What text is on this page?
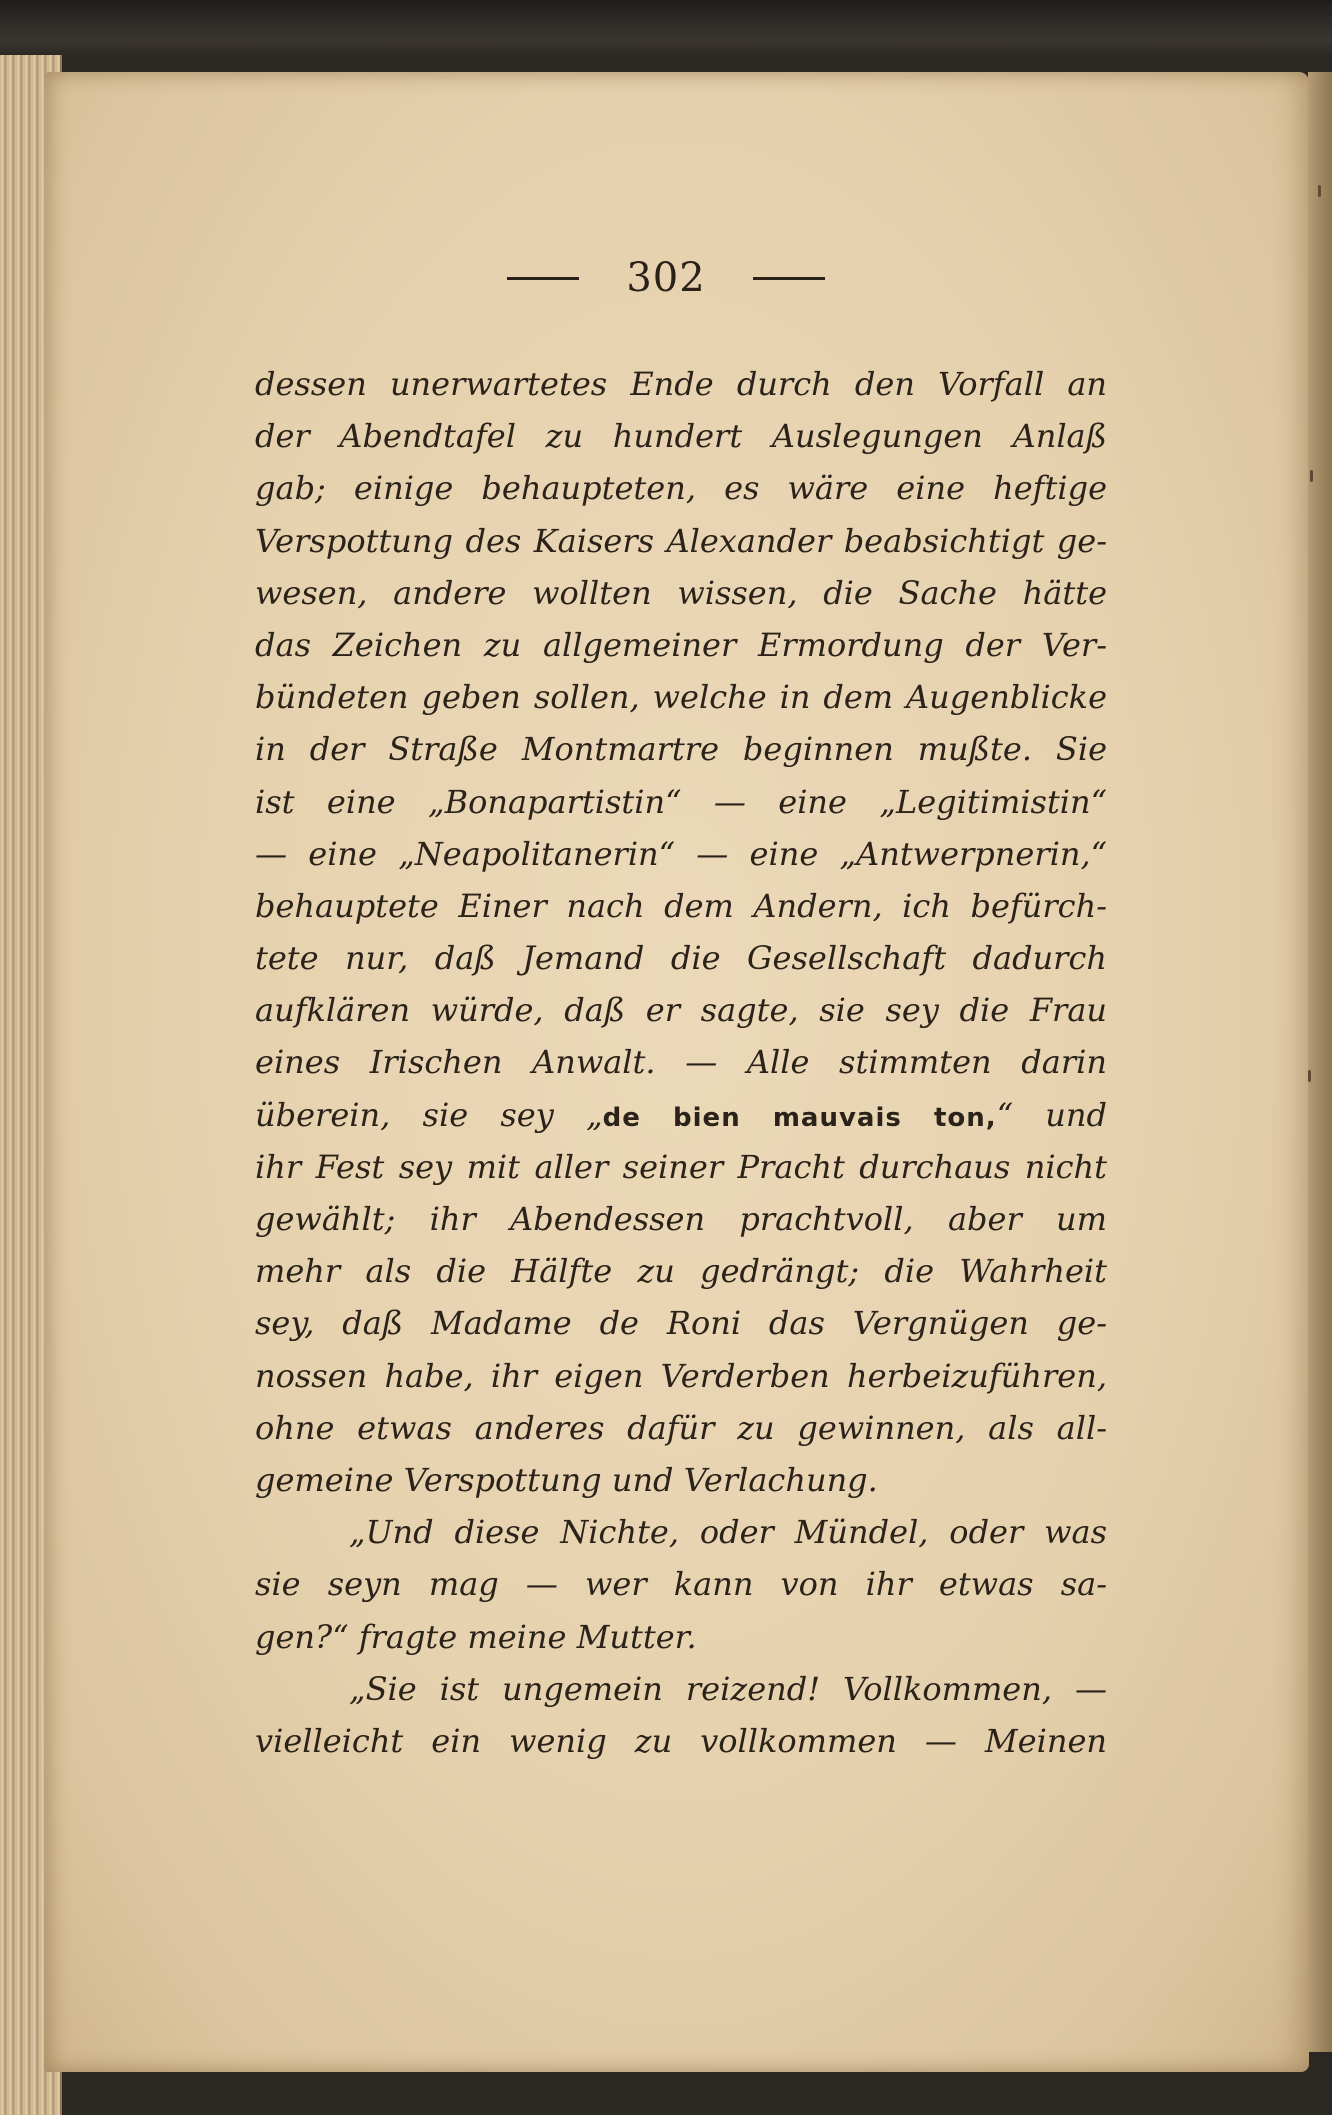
302
dessen unerwartetes Ende durch den Vorfall an
der Abendtafel zu hundert Auslegungen Anlaß
gab; einige behaupteten, es wäre eine heftige
Verspottung des Kaisers Alexander beabsichtigt ge-
wesen, andere wollten wissen, die Sache hätte
das Zeichen zu allgemeiner Ermordung der Ver-
bündeten geben sollen, welche in dem Augenblicke
in der Straße Montmartre beginnen mußte. Sie
ist eine „Bonapartistin“ — eine „Legitimistin“
— eine „Neapolitanerin“ — eine „Antwerpnerin,“
behauptete Einer nach dem Andern, ich befürch-
tete nur, daß Jemand die Gesellschaft dadurch
aufklären würde, daß er sagte, sie sey die Frau
eines Irischen Anwalt. — Alle stimmten darin
überein, sie sey „de bien mauvais ton,“ und
ihr Fest sey mit aller seiner Pracht durchaus nicht
gewählt; ihr Abendessen prachtvoll, aber um
mehr als die Hälfte zu gedrängt; die Wahrheit
sey, daß Madame de Roni das Vergnügen ge-
nossen habe, ihr eigen Verderben herbeizuführen,
ohne etwas anderes dafür zu gewinnen, als all-
gemeine Verspottung und Verlachung.
„Und diese Nichte, oder Mündel, oder was
sie seyn mag — wer kann von ihr etwas sa-
gen?“ fragte meine Mutter.
„Sie ist ungemein reizend! Vollkommen, —
vielleicht ein wenig zu vollkommen — Meinen
